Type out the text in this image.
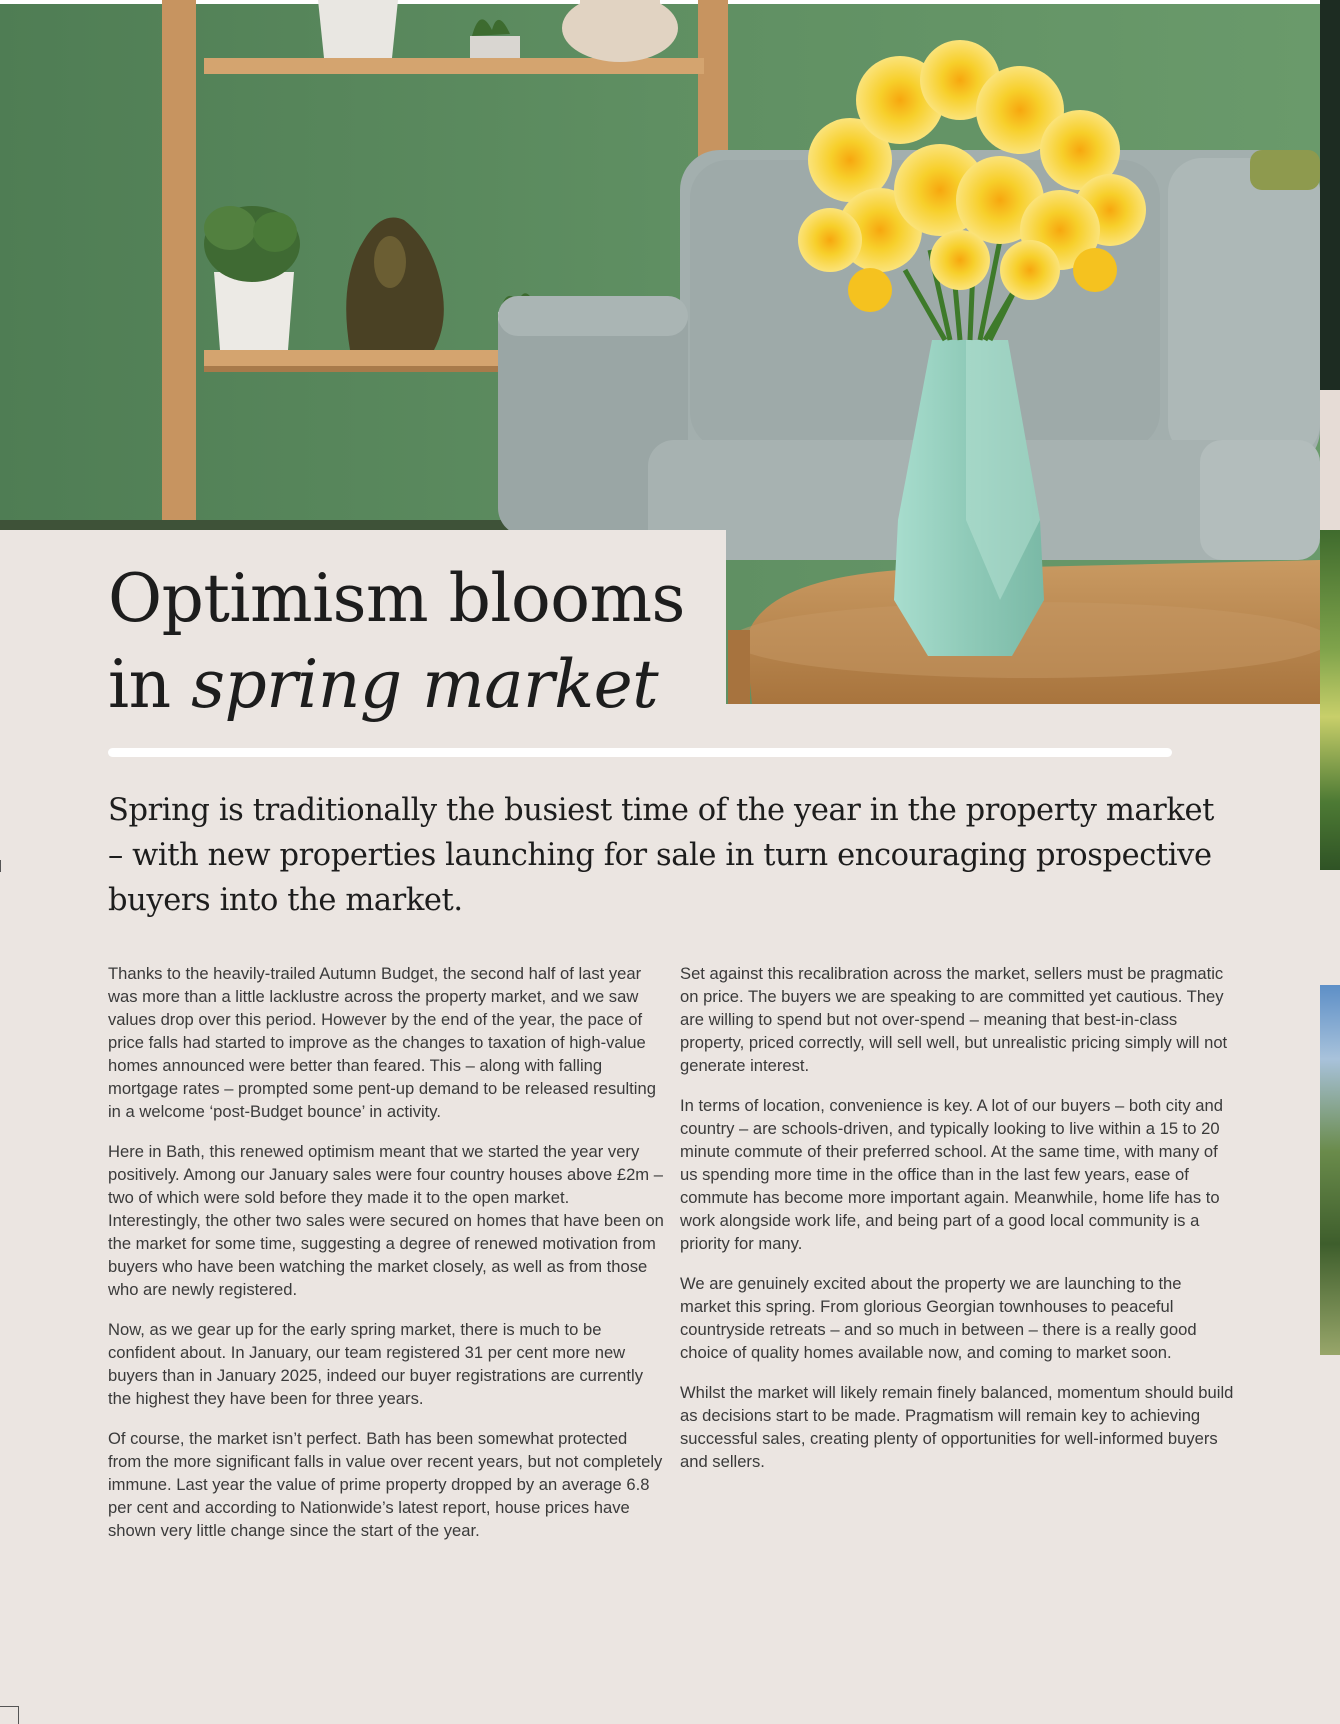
Optimism blooms
in spring market

Spring is traditionally the busiest time of the year in the property market – with new properties launching for sale in turn encouraging prospective buyers into the market.

Thanks to the heavily-trailed Autumn Budget, the second half of last year was more than a little lacklustre across the property market, and we saw values drop over this period. However by the end of the year, the pace of price falls had started to improve as the changes to taxation of high-value homes announced were better than feared. This – along with falling mortgage rates – prompted some pent-up demand to be released resulting in a welcome ‘post-Budget bounce’ in activity.

Here in Bath, this renewed optimism meant that we started the year very positively. Among our January sales were four country houses above £2m – two of which were sold before they made it to the open market. Interestingly, the other two sales were secured on homes that have been on the market for some time, suggesting a degree of renewed motivation from buyers who have been watching the market closely, as well as from those who are newly registered.

Now, as we gear up for the early spring market, there is much to be confident about. In January, our team registered 31 per cent more new buyers than in January 2025, indeed our buyer registrations are currently the highest they have been for three years.

Of course, the market isn’t perfect. Bath has been somewhat protected from the more significant falls in value over recent years, but not completely immune. Last year the value of prime property dropped by an average 6.8 per cent and according to Nationwide’s latest report, house prices have shown very little change since the start of the year.

Set against this recalibration across the market, sellers must be pragmatic on price. The buyers we are speaking to are committed yet cautious. They are willing to spend but not over-spend – meaning that best-in-class property, priced correctly, will sell well, but unrealistic pricing simply will not generate interest.

In terms of location, convenience is key. A lot of our buyers – both city and country – are schools-driven, and typically looking to live within a 15 to 20 minute commute of their preferred school. At the same time, with many of us spending more time in the office than in the last few years, ease of commute has become more important again. Meanwhile, home life has to work alongside work life, and being part of a good local community is a priority for many.

We are genuinely excited about the property we are launching to the market this spring. From glorious Georgian townhouses to peaceful countryside retreats – and so much in between – there is a really good choice of quality homes available now, and coming to market soon.

Whilst the market will likely remain finely balanced, momentum should build as decisions start to be made. Pragmatism will remain key to achieving successful sales, creating plenty of opportunities for well-informed buyers and sellers.
